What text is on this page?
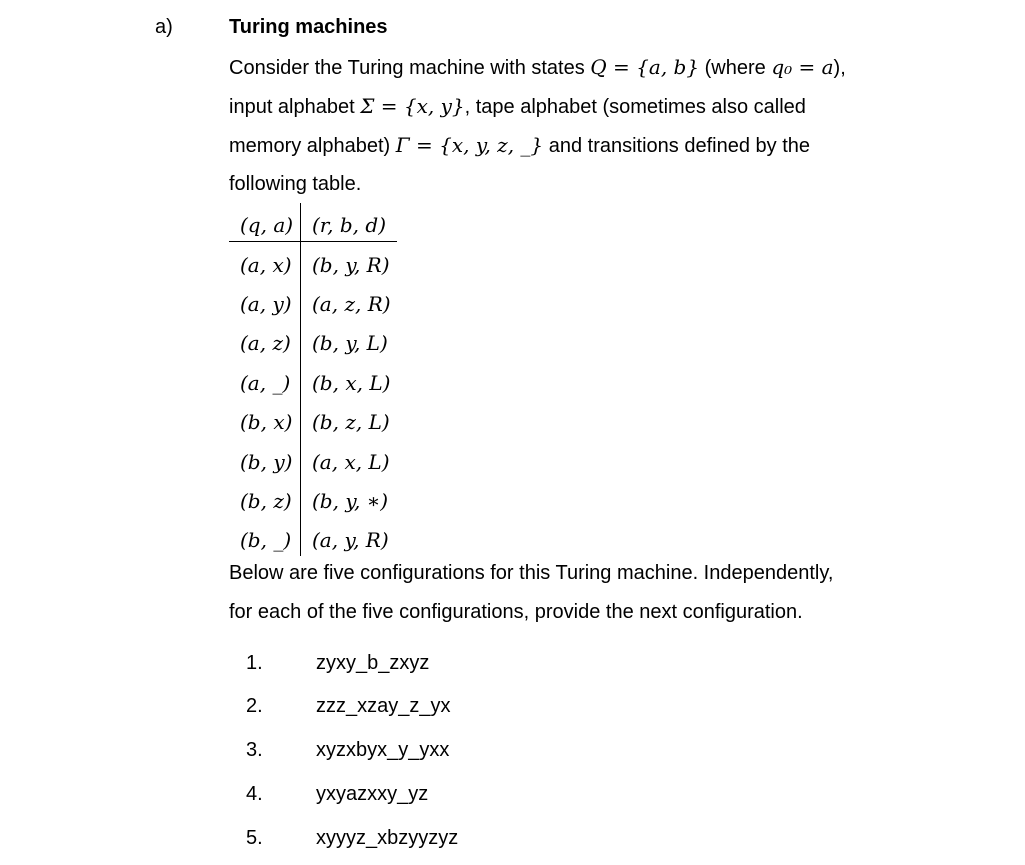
a)	Turing machines
Consider the Turing machine with states Q = {a, b} (where q₀ = a),
input alphabet Σ = {x, y}, tape alphabet (sometimes also called
memory alphabet) Γ = {x, y, z, _} and transitions defined by the
following table.
(q, a) (r, b, d)
(a, x) (b, y, R)
(a, y) (a, z, R)
(a, z) (b, y, L)
(a, _) (b, x, L)
(b, x) (b, z, L)
(b, y) (a, x, L)
(b, z) (b, y, ∗)
(b, _) (a, y, R)
Below are five configurations for this Turing machine. Independently,
for each of the five configurations, provide the next configuration.
1.	zyxy_b_zxyz
2.	zzz_xzay_z_yx
3.	xyzxbyx_y_yxx
4.	yxyazxxy_yz
5.	xyyyz_xbzyyzyz
